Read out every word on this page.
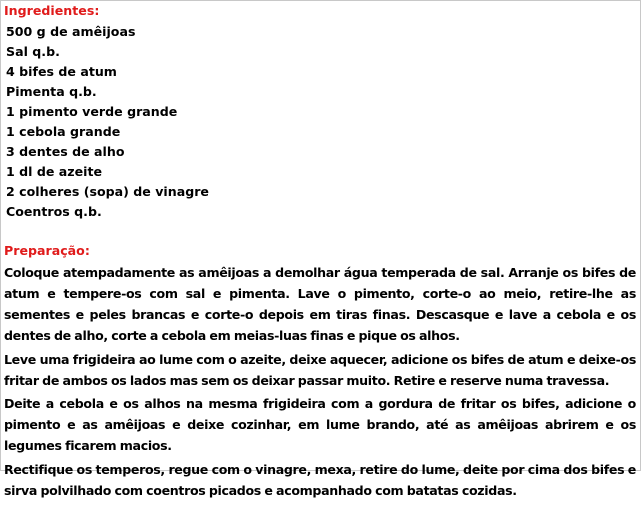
Ingredientes:
500 g de amêijoas
Sal q.b.
4 bifes de atum
Pimenta q.b.
1 pimento verde grande
1 cebola grande
3 dentes de alho
1 dl de azeite
2 colheres (sopa) de vinagre
Coentros q.b.
Preparação:

Coloque atempadamente as amêijoas a demolhar água temperada de sal. Arranje os bifes de atum e tempere-os com sal e pimenta. Lave o pimento, corte-o ao meio, retire-lhe as sementes e peles brancas e corte-o depois em tiras finas. Descasque e lave a cebola e os dentes de alho, corte a cebola em meias-luas finas e pique os alhos.

Leve uma frigideira ao lume com o azeite, deixe aquecer, adicione os bifes de atum e deixe-os fritar de ambos os lados mas sem os deixar passar muito. Retire e reserve numa travessa.

Deite a cebola e os alhos na mesma frigideira com a gordura de fritar os bifes, adicione o pimento e as amêijoas e deixe cozinhar, em lume brando, até as amêijoas abrirem e os legumes ficarem macios.

Rectifique os temperos, regue com o vinagre, mexa, retire do lume, deite por cima dos bifes e sirva polvilhado com coentros picados e acompanhado com batatas cozidas.
